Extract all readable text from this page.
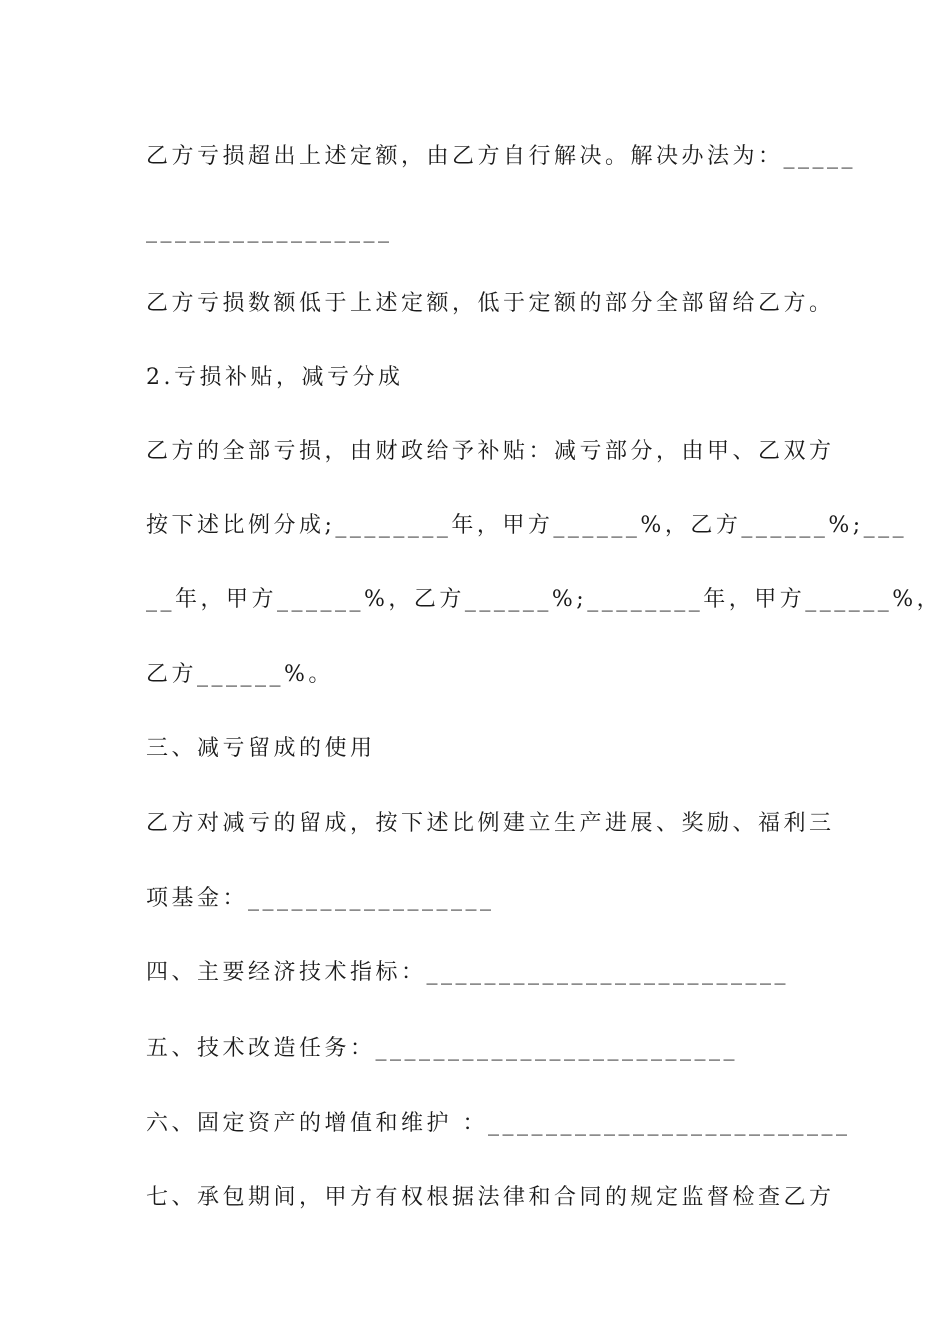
乙方亏损超出上述定额，由乙方自行解决。解决办法为：_____
_________________
乙方亏损数额低于上述定额，低于定额的部分全部留给乙方。
2.亏损补贴，减亏分成
乙方的全部亏损，由财政给予补贴：减亏部分，由甲、乙双方
按下述比例分成;________年，甲方______%，乙方______%;___
__年，甲方______%，乙方______%;________年，甲方______%，
乙方______%。
三、减亏留成的使用
乙方对减亏的留成，按下述比例建立生产进展、奖励、福利三
项基金：_________________
四、主要经济技术指标：_________________________
五、技术改造任务：_________________________
六、固定资产的增值和维护 ：_________________________
七、承包期间，甲方有权根据法律和合同的规定监督检查乙方
